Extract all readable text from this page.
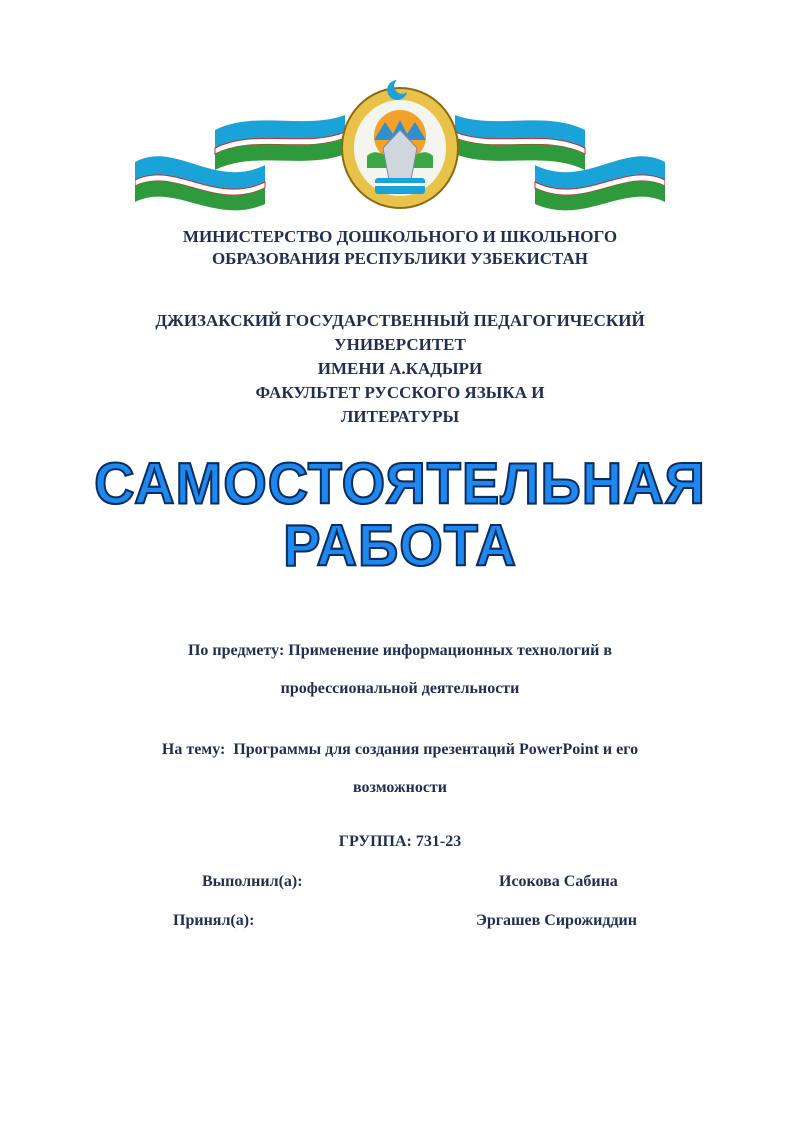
МИНИСТЕРСТВО ДОШКОЛЬНОГО И ШКОЛЬНОГО
ОБРАЗОВАНИЯ РЕСПУБЛИКИ УЗБЕКИСТАН
ДЖИЗАКСКИЙ ГОСУДАРСТВЕННЫЙ ПЕДАГОГИЧЕСКИЙ
УНИВЕРСИТЕТ
ИМЕНИ А.КАДЫРИ
ФАКУЛЬТЕТ РУССКОГО ЯЗЫКА И
ЛИТЕРАТУРЫ
САМОСТОЯТЕЛЬНАЯ
РАБОТА
По предмету: Применение информационных технологий в
профессиональной деятельности
На тему:  Программы для создания презентаций PowerPoint и его
возможности
ГРУППА: 731-23
Выполнил(а):	Исокова Сабина
Принял(а):	Эргашев Сирожиддин
